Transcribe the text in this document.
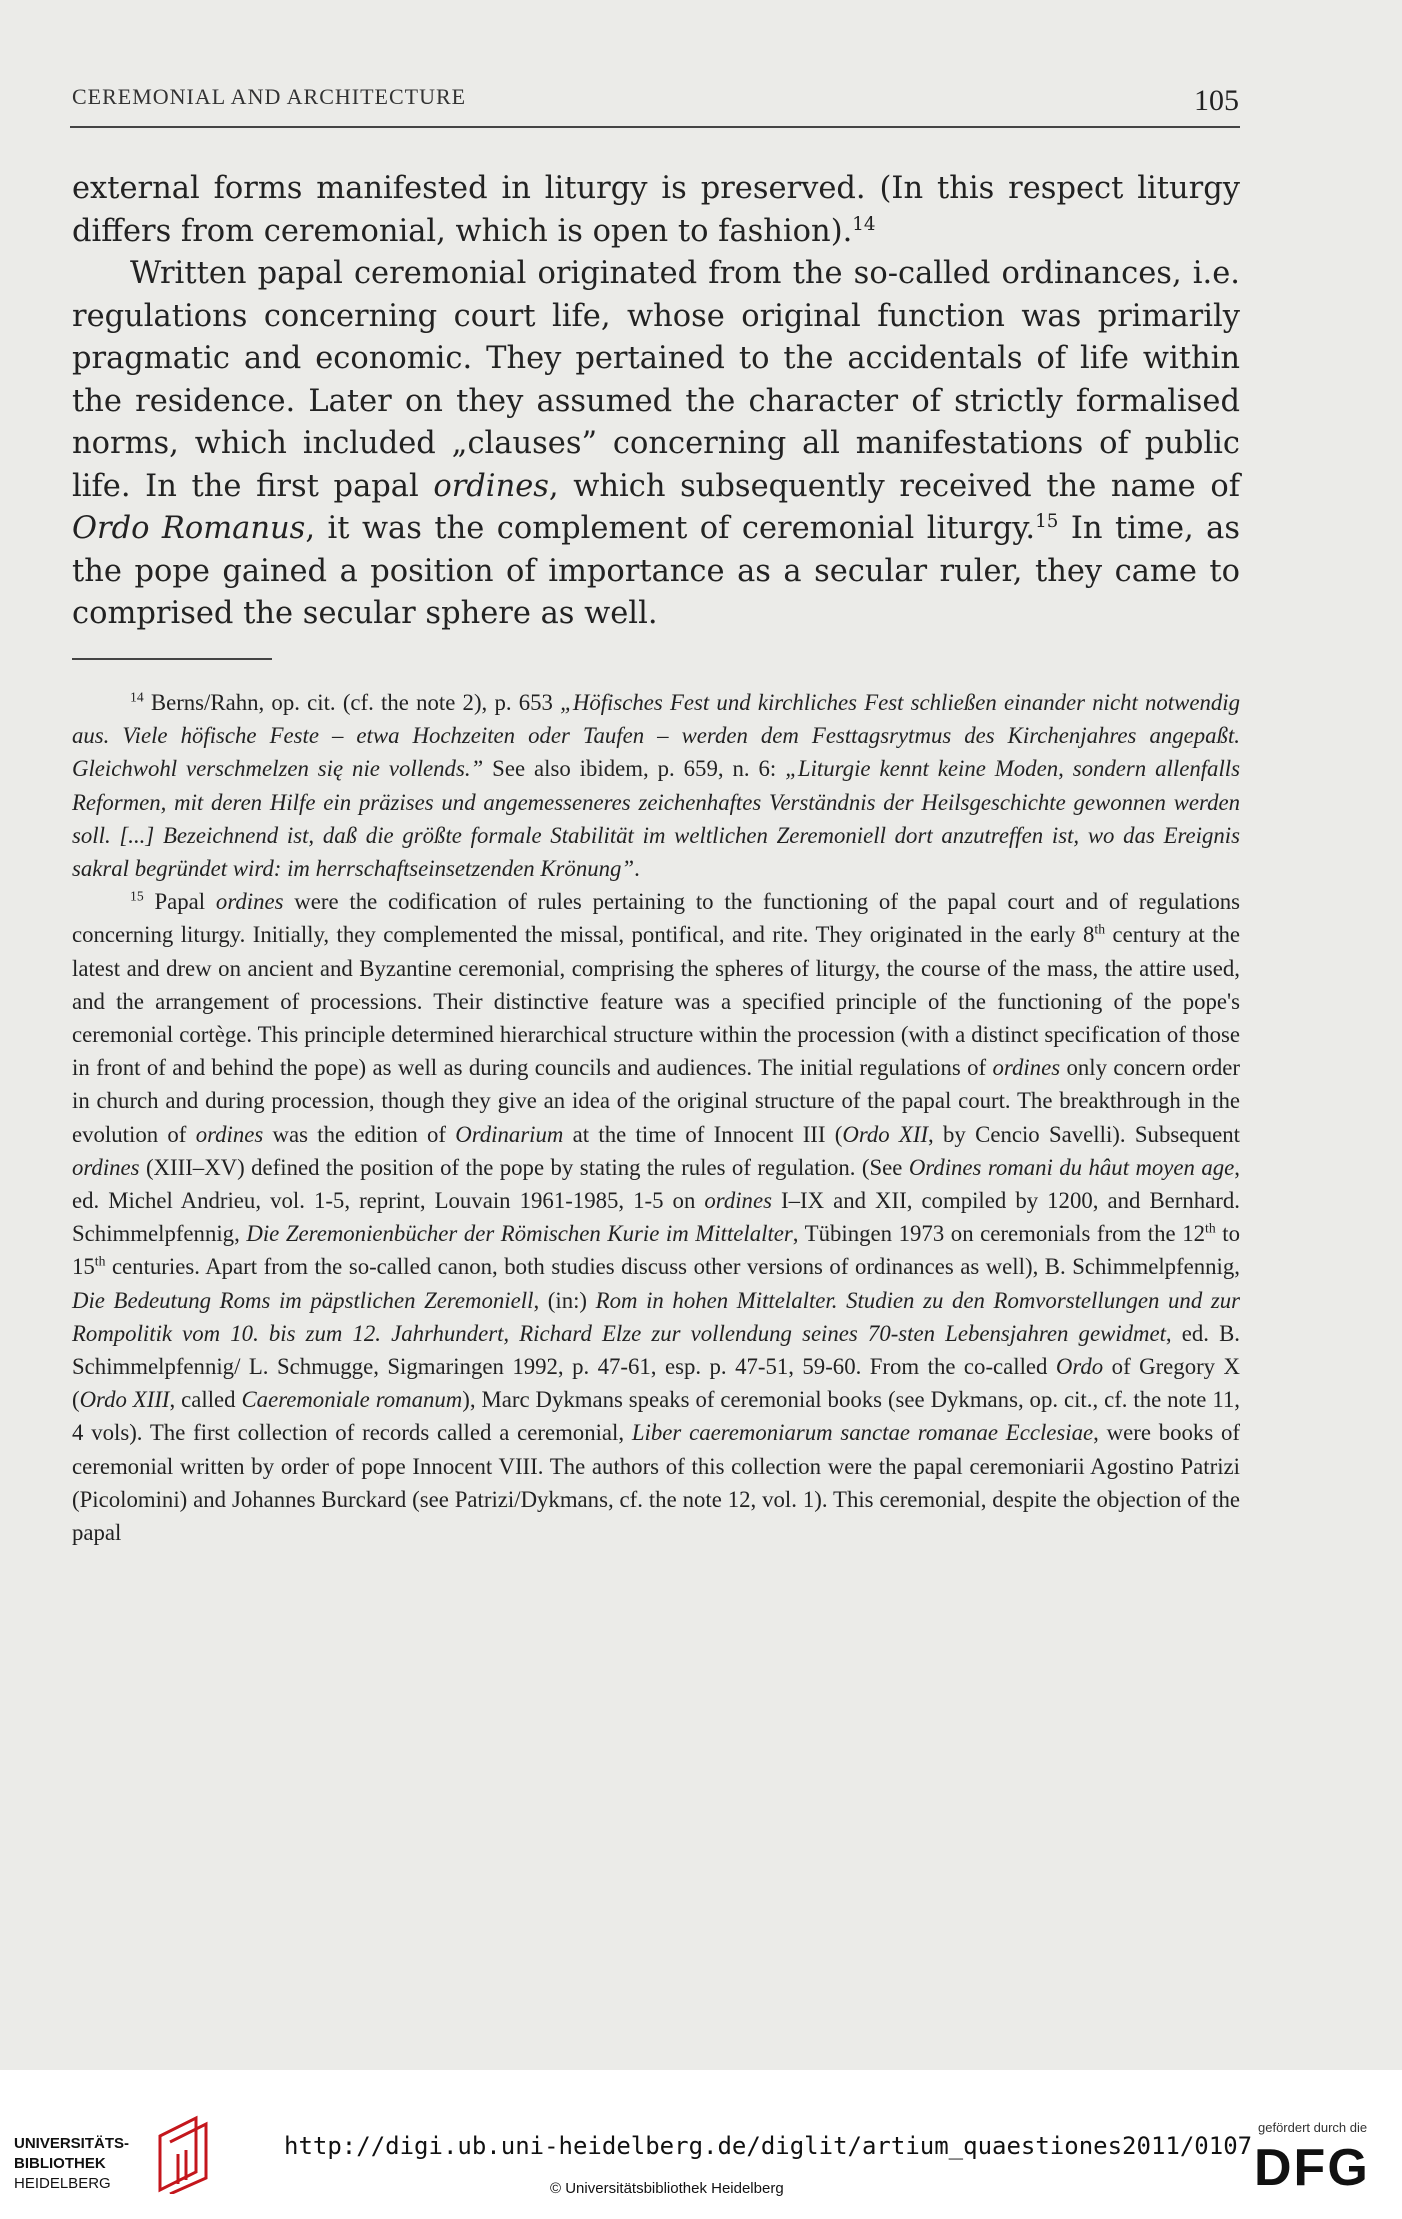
CEREMONIAL AND ARCHITECTURE	105

external forms manifested in liturgy is preserved. (In this respect liturgy differs from ceremonial, which is open to fashion).$^{14}$

Written papal ceremonial originated from the so-called ordinances, i.e. regulations concerning court life, whose original function was primarily pragmatic and economic. They pertained to the accidentals of life within the residence. Later on they assumed the character of strictly formalised norms, which included „clauses” concerning all manifestations of public life. In the first papal ordines, which subsequently received the name of Ordo Romanus, it was the complement of ceremonial liturgy.$^{15}$ In time, as the pope gained a position of importance as a secular ruler, they came to comprised the secular sphere as well.

$^{14}$ Berns/Rahn, op. cit. (cf. the note 2), p. 653 „Höfisches Fest und kirchliches Fest schließen einander nicht notwendig aus. Viele höfische Feste – etwa Hochzeiten oder Taufen – werden dem Festtagsrytmus des Kirchenjahres angepaßt. Gleichwohl verschmelzen się nie vollends.” See also ibidem, p. 659, n. 6: „Liturgie kennt keine Moden, sondern allenfalls Reformen, mit deren Hilfe ein präzises und angemesseneres zeichenhaftes Verständnis der Heilsgeschichte gewonnen werden soll. [...] Bezeichnend ist, daß die größte formale Stabilität im weltlichen Zeremoniell dort anzutreffen ist, wo das Ereignis sakral begründet wird: im herrschaftseinsetzenden Krönung”.

$^{15}$ Papal ordines were the codification of rules pertaining to the functioning of the papal court and of regulations concerning liturgy. Initially, they complemented the missal, pontifical, and rite. They originated in the early 8th century at the latest and drew on ancient and Byzantine ceremonial, comprising the spheres of liturgy, the course of the mass, the attire used, and the arrangement of processions. Their distinctive feature was a specified principle of the functioning of the pope's ceremonial cortège. This principle determined hierarchical structure within the procession (with a distinct specification of those in front of and behind the pope) as well as during councils and audiences. The initial regulations of ordines only concern order in church and during procession, though they give an idea of the original structure of the papal court. The breakthrough in the evolution of ordines was the edition of Ordinarium at the time of Innocent III (Ordo XII, by Cencio Savelli). Subsequent ordines (XIII–XV) defined the position of the pope by stating the rules of regulation. (See Ordines romani du hâut moyen age, ed. Michel Andrieu, vol. 1-5, reprint, Louvain 1961-1985, 1-5 on ordines I–IX and XII, compiled by 1200, and Bernhard. Schimmelpfennig, Die Zeremonienbücher der Römischen Kurie im Mittelalter, Tübingen 1973 on ceremonials from the 12th to 15th centuries. Apart from the so-called canon, both studies discuss other versions of ordinances as well), B. Schimmelpfennig, Die Bedeutung Roms im päpstlichen Zeremoniell, (in:) Rom in hohen Mittelalter. Studien zu den Romvorstellungen und zur Rompolitik vom 10. bis zum 12. Jahrhundert, Richard Elze zur vollendung seines 70-sten Lebensjahren gewidmet, ed. B. Schimmelpfennig/ L. Schmugge, Sigmaringen 1992, p. 47-61, esp. p. 47-51, 59-60. From the co-called Ordo of Gregory X (Ordo XIII, called Caeremoniale romanum), Marc Dykmans speaks of ceremonial books (see Dykmans, op. cit., cf. the note 11, 4 vols). The first collection of records called a ceremonial, Liber caeremoniarum sanctae romanae Ecclesiae, were books of ceremonial written by order of pope Innocent VIII. The authors of this collection were the papal ceremoniarii Agostino Patrizi (Picolomini) and Johannes Burckard (see Patrizi/Dykmans, cf. the note 12, vol. 1). This ceremonial, despite the objection of the papal

UNIVERSITÄTS-
BIBLIOTHEK
HEIDELBERG
http://digi.ub.uni-heidelberg.de/diglit/artium_quaestiones2011/0107
© Universitätsbibliothek Heidelberg
gefördert durch die
DFG
